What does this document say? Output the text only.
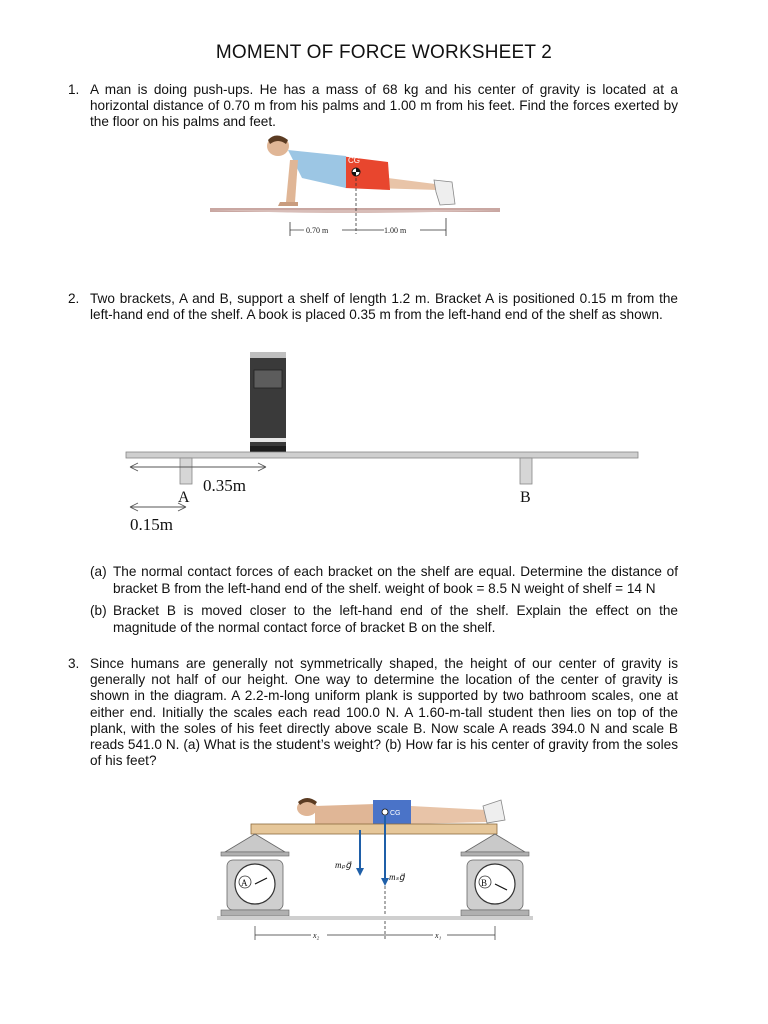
MOMENT OF FORCE WORKSHEET 2
1. A man is doing push-ups. He has a mass of 68 kg and his center of gravity is located at a horizontal distance of 0.70 m from his palms and 1.00 m from his feet. Find the forces exerted by the floor on his palms and feet.
CG
0.70 m	1.00 m
2. Two brackets, A and B, support a shelf of length 1.2 m. Bracket A is positioned 0.15 m from the left-hand end of the shelf. A book is placed 0.35 m from the left-hand end of the shelf as shown.
0.35m
A	B
0.15m
(a) The normal contact forces of each bracket on the shelf are equal. Determine the distance of bracket B from the left-hand end of the shelf. weight of book = 8.5 N weight of shelf = 14 N
(b) Bracket B is moved closer to the left-hand end of the shelf. Explain the effect on the magnitude of the normal contact force of bracket B on the shelf.
3. Since humans are generally not symmetrically shaped, the height of our center of gravity is generally not half of our height. One way to determine the location of the center of gravity is shown in the diagram. A 2.2-m-long uniform plank is supported by two bathroom scales, one at either end. Initially the scales each read 100.0 N. A 1.60-m-tall student then lies on top of the plank, with the soles of his feet directly above scale B. Now scale A reads 394.0 N and scale B reads 541.0 N. (a) What is the student’s weight? (b) How far is his center of gravity from the soles of his feet?
CG
mₚg⃗
mₛg⃗
A	B
x₂	x₁
